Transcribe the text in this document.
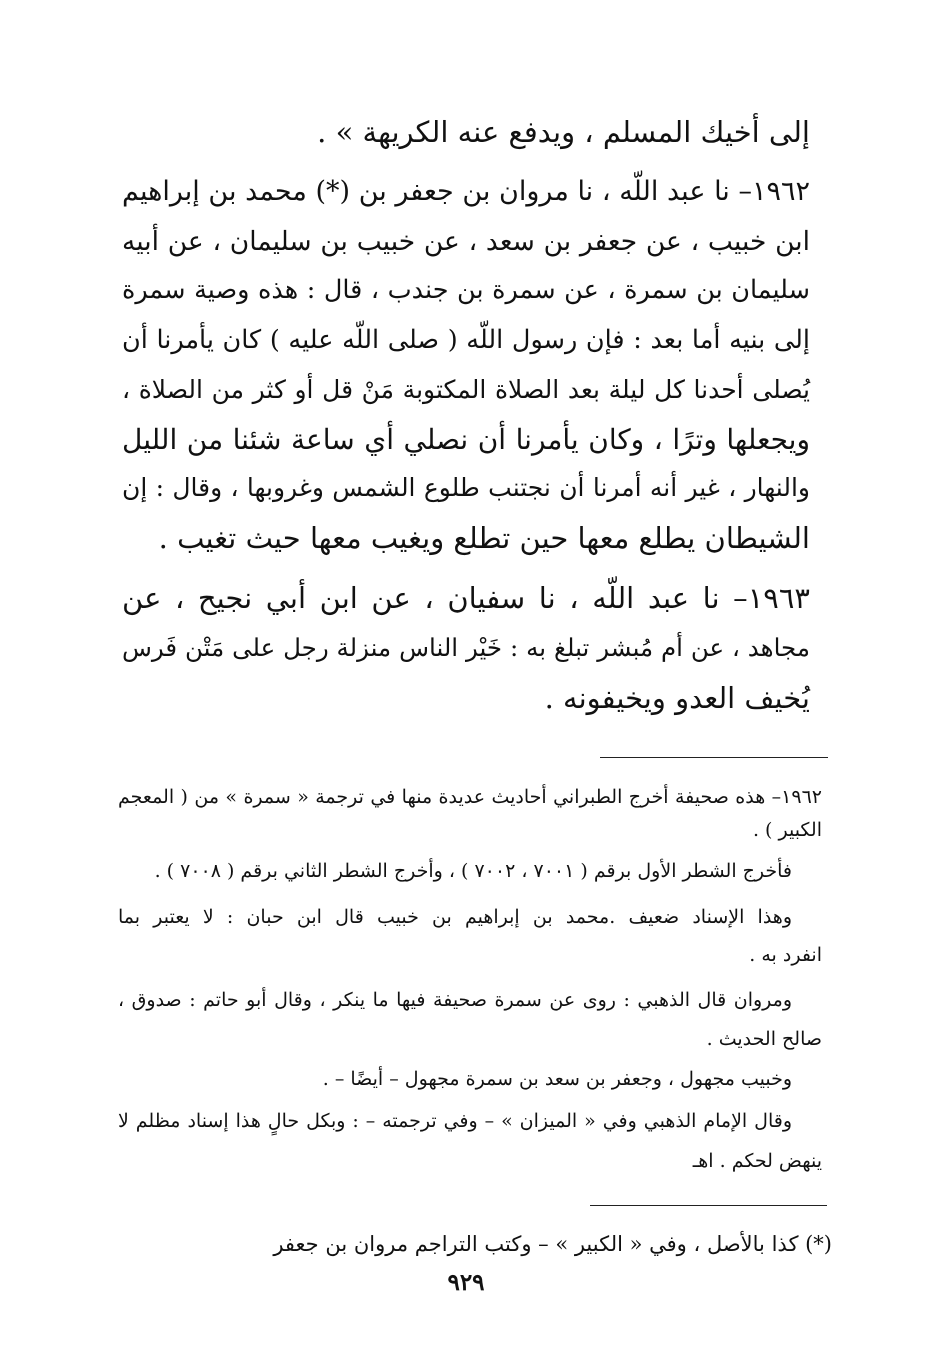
إلى أخيك المسلم ، ويدفع عنه الكريهة » .
١٩٦٢– نا عبد اللّه ، نا مروان بن جعفر بن (*) محمد بن إبراهيم
ابن خبيب ، عن جعفر بن سعد ، عن خبيب بن سليمان ، عن أبيه
سليمان بن سمرة ، عن سمرة بن جندب ، قال : هذه وصية سمرة
إلى بنيه أما بعد : فإن رسول اللّه ( صلى اللّه عليه ) كان يأمرنا أن
يُصلى أحدنا كل ليلة بعد الصلاة المكتوبة مَنْ قل أو كثر من الصلاة ،
ويجعلها وترًا ، وكان يأمرنا أن نصلي أي ساعة شئنا من الليل
والنهار ، غير أنه أمرنا أن نجتنب طلوع الشمس وغروبها ، وقال : إن
الشيطان يطلع معها حين تطلع ويغيب معها حيث تغيب .
١٩٦٣– نا عبد اللّه ، نا سفيان ، عن ابن أبي نجيح ، عن
مجاهد ، عن أم مُبشر تبلغ به : خَيْر الناس منزلة رجل على مَتْن فَرس
يُخيف العدو ويخيفونه .
١٩٦٢– هذه صحيفة أخرج الطبراني أحاديث عديدة منها في ترجمة « سمرة » من ( المعجم
الكبير ) .
فأخرج الشطر الأول برقم ( ٧٠٠١ ، ٧٠٠٢ ) ، وأخرج الشطر الثاني برقم ( ٧٠٠٨ ) .
وهذا الإسناد ضعيف .محمد بن إبراهيم بن خبيب قال ابن حبان : لا يعتبر بما
انفرد به .
ومروان قال الذهبي : روى عن سمرة صحيفة فيها ما ينكر ، وقال أبو حاتم : صدوق ،
صالح الحديث .
وخبيب مجهول ، وجعفر بن سعد بن سمرة مجهول – أيضًا – .
وقال الإمام الذهبي وفي « الميزان » – وفي ترجمته – : وبكل حالٍ هذا إسناد مظلم لا
ينهض لحكم . اهـ
(*) كذا بالأصل ، وفي « الكبير » – وكتب التراجم مروان بن جعفر
٩٢٩
